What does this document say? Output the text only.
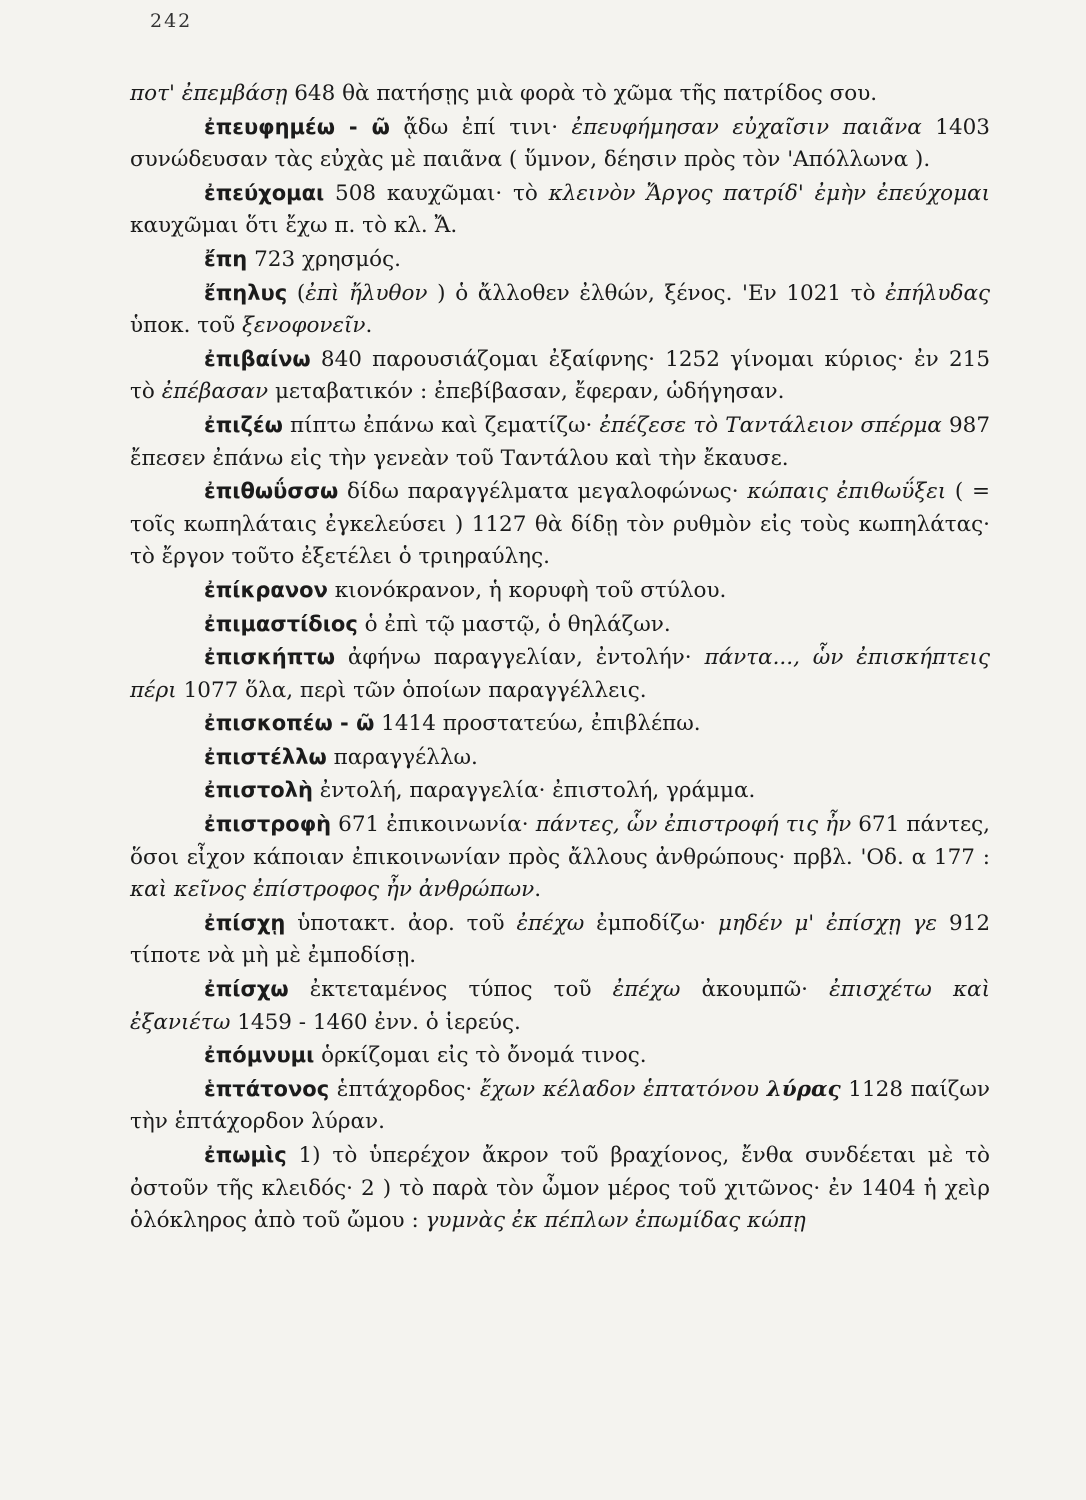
242

ποτ' ἐπεμβάσῃ 648 θὰ πατήσῃς μιὰ φορὰ τὸ χῶμα τῆς πατρίδος σου.

ἐπευφημέω - ῶ ᾄδω ἐπί τινι· ἐπευφήμησαν εὐχαῖσιν παιᾶνα 1403 συνώδευσαν τὰς εὐχὰς μὲ παιᾶνα ( ὕμνον, δέησιν πρὸς τὸν 'Απόλλωνα ).

ἐπεύχομαι 508 καυχῶμαι· τὸ κλεινὸν Ἄργος πατρίδ' ἐμὴν ἐπεύχομαι καυχῶμαι ὅτι ἔχω π. τὸ κλ. Ἄ.

ἔπη 723 χρησμός.

ἔπηλυς (ἐπὶ ἤλυθον ) ὁ ἄλλοθεν ἐλθών, ξένος. 'Εν 1021 τὸ ἐπήλυδας ὑποκ. τοῦ ξενοφονεῖν.

ἐπιβαίνω 840 παρουσιάζομαι ἐξαίφνης· 1252 γίνομαι κύριος· ἐν 215 τὸ ἐπέβασαν μεταβατικόν : ἐπεβίβασαν, ἔφεραν, ὡδήγησαν.

ἐπιζέω πίπτω ἐπάνω καὶ ζεματίζω· ἐπέζεσε τὸ Ταντάλειον σπέρμα 987 ἔπεσεν ἐπάνω εἰς τὴν γενεὰν τοῦ Ταντάλου καὶ τὴν ἔκαυσε.

ἐπιθωΰσσω δίδω παραγγέλματα μεγαλοφώνως· κώπαις ἐπιθωΰξει ( = τοῖς κωπηλάταις ἐγκελεύσει ) 1127 θὰ δίδῃ τὸν ρυθμὸν εἰς τοὺς κωπηλάτας· τὸ ἔργον τοῦτο ἐξετέλει ὁ τριηραύλης.

ἐπίκρανον κιονόκρανον, ἡ κορυφὴ τοῦ στύλου.

ἐπιμαστίδιος ὁ ἐπὶ τῷ μαστῷ, ὁ θηλάζων.

ἐπισκήπτω ἀφήνω παραγγελίαν, ἐντολήν· πάντα..., ὧν ἐπισκήπτεις πέρι 1077 ὅλα, περὶ τῶν ὁποίων παραγγέλλεις.

ἐπισκοπέω - ῶ 1414 προστατεύω, ἐπιβλέπω.

ἐπιστέλλω παραγγέλλω.

ἐπιστολὴ ἐντολή, παραγγελία· ἐπιστολή, γράμμα.

ἐπιστροφὴ 671 ἐπικοινωνία· πάντες, ὧν ἐπιστροφή τις ἦν 671 πάντες, ὅσοι εἶχον κάποιαν ἐπικοινωνίαν πρὸς ἄλλους ἀνθρώπους· πρβλ. 'Οδ. α 177 : καὶ κεῖνος ἐπίστροφος ἦν ἀνθρώπων.

ἐπίσχῃ ὑποτακτ. ἀορ. τοῦ ἐπέχω ἐμποδίζω· μηδέν μ' ἐπίσχῃ γε 912 τίποτε νὰ μὴ μὲ ἐμποδίσῃ.

ἐπίσχω ἐκτεταμένος τύπος τοῦ ἐπέχω ἀκουμπῶ· ἐπισχέτω καὶ ἐξανιέτω 1459 - 1460 ἐνν. ὁ ἱερεύς.

ἐπόμνυμι ὁρκίζομαι εἰς τὸ ὄνομά τινος.

ἑπτάτονος ἑπτάχορδος· ἔχων κέλαδον ἑπτατόνου λύρας 1128 παίζων τὴν ἑπτάχορδον λύραν.

ἐπωμὶς 1) τὸ ὑπερέχον ἄκρον τοῦ βραχίονος, ἔνθα συνδέεται μὲ τὸ ὀστοῦν τῆς κλειδός· 2 ) τὸ παρὰ τὸν ὦμον μέρος τοῦ χιτῶνος· ἐν 1404 ἡ χεὶρ ὁλόκληρος ἀπὸ τοῦ ὤμου : γυμνὰς ἐκ πέπλων ἐπωμίδας κώπῃ
